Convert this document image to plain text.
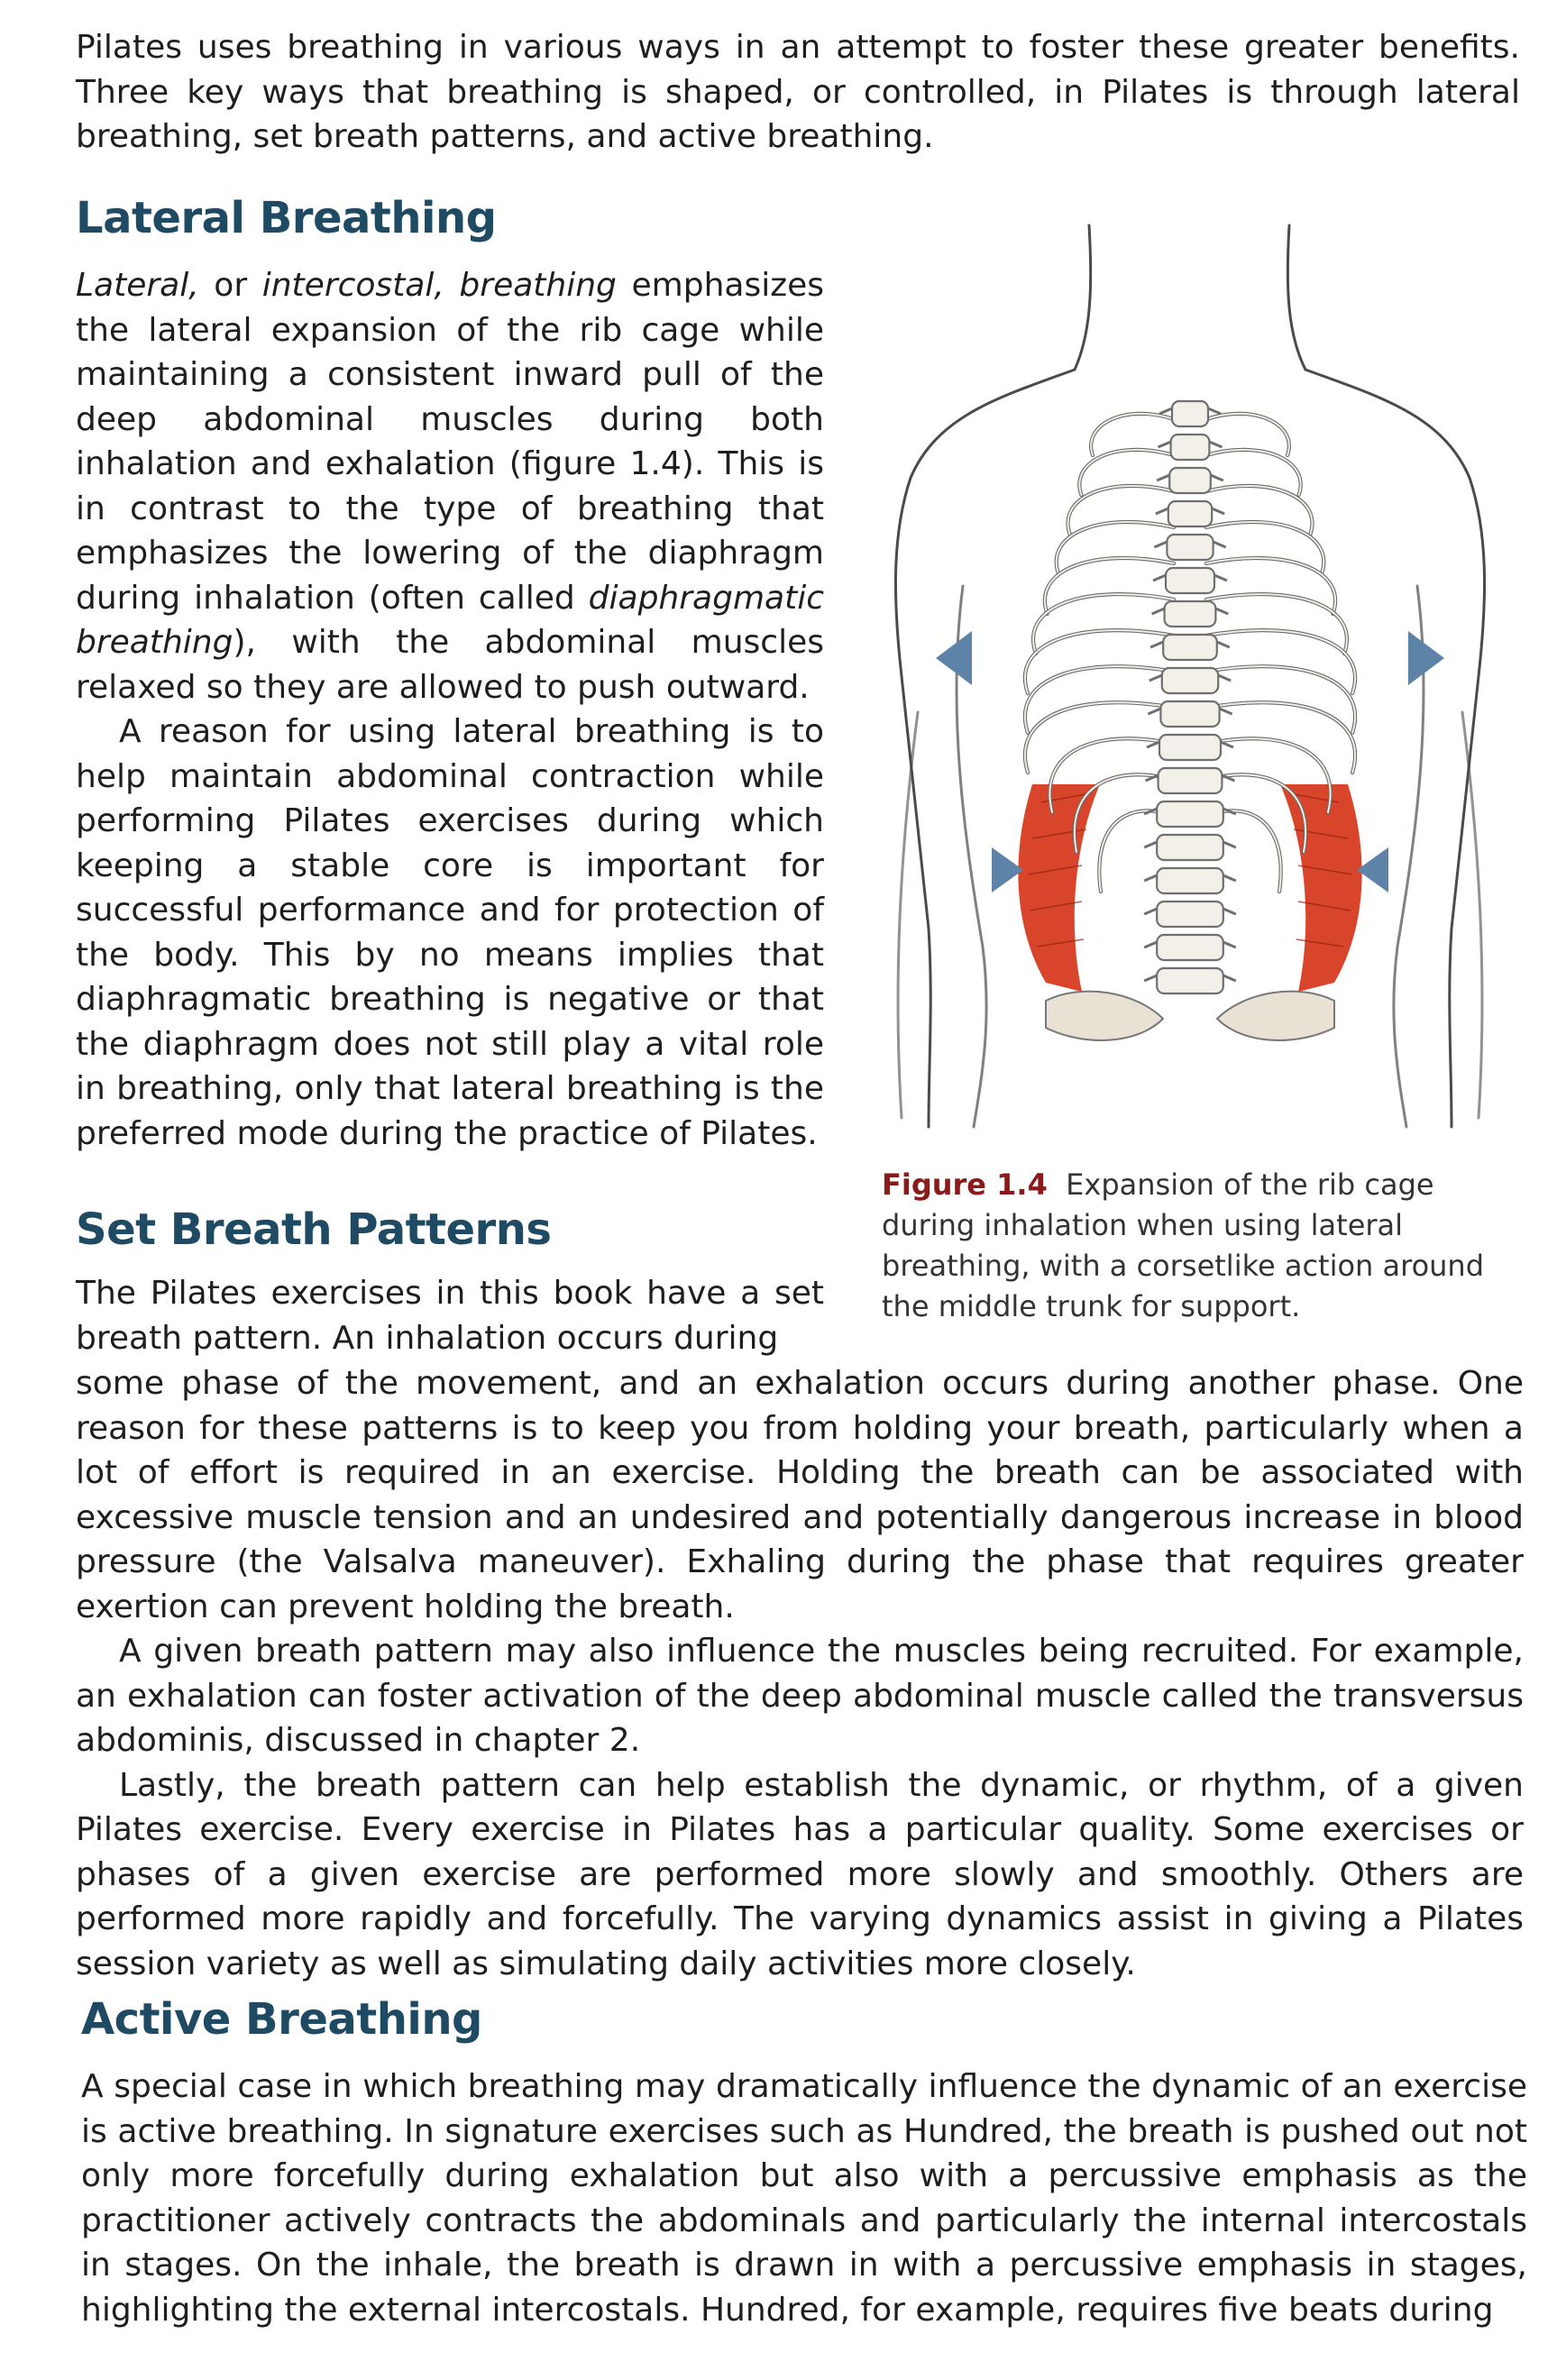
Pilates uses breathing in various ways in an attempt to foster these greater benefits. Three key ways that breathing is shaped, or controlled, in Pilates is through lateral breathing, set breath patterns, and active breathing.

Lateral Breathing

Lateral, or intercostal, breathing emphasizes the lateral expansion of the rib cage while maintaining a consistent inward pull of the deep abdominal muscles during both inhalation and exhalation (figure 1.4). This is in contrast to the type of breathing that emphasizes the lowering of the diaphragm during inhalation (often called diaphragmatic breathing), with the abdominal muscles relaxed so they are allowed to push outward.

A reason for using lateral breathing is to help maintain abdominal contraction while performing Pilates exercises during which keeping a stable core is important for successful performance and for protection of the body. This by no means implies that diaphragmatic breathing is negative or that the diaphragm does not still play a vital role in breathing, only that lateral breathing is the preferred mode during the practice of Pilates.

Figure 1.4 Expansion of the rib cage during inhalation when using lateral breathing, with a corsetlike action around the middle trunk for support.

Set Breath Patterns

The Pilates exercises in this book have a set breath pattern. An inhalation occurs during

some phase of the movement, and an exhalation occurs during another phase. One reason for these patterns is to keep you from holding your breath, particularly when a lot of effort is required in an exercise. Holding the breath can be associated with excessive muscle tension and an undesired and potentially dangerous increase in blood pressure (the Valsalva maneuver). Exhaling during the phase that requires greater exertion can prevent holding the breath.

A given breath pattern may also influence the muscles being recruited. For example, an exhalation can foster activation of the deep abdominal muscle called the transversus abdominis, discussed in chapter 2.

Lastly, the breath pattern can help establish the dynamic, or rhythm, of a given Pilates exercise. Every exercise in Pilates has a particular quality. Some exercises or phases of a given exercise are performed more slowly and smoothly. Others are performed more rapidly and forcefully. The varying dynamics assist in giving a Pilates session variety as well as simulating daily activities more closely.

Active Breathing

A special case in which breathing may dramatically influence the dynamic of an exercise is active breathing. In signature exercises such as Hundred, the breath is pushed out not only more forcefully during exhalation but also with a percussive emphasis as the practitioner actively contracts the abdominals and particularly the internal intercostals in stages. On the inhale, the breath is drawn in with a percussive emphasis in stages, highlighting the external intercostals. Hundred, for example, requires five beats during
